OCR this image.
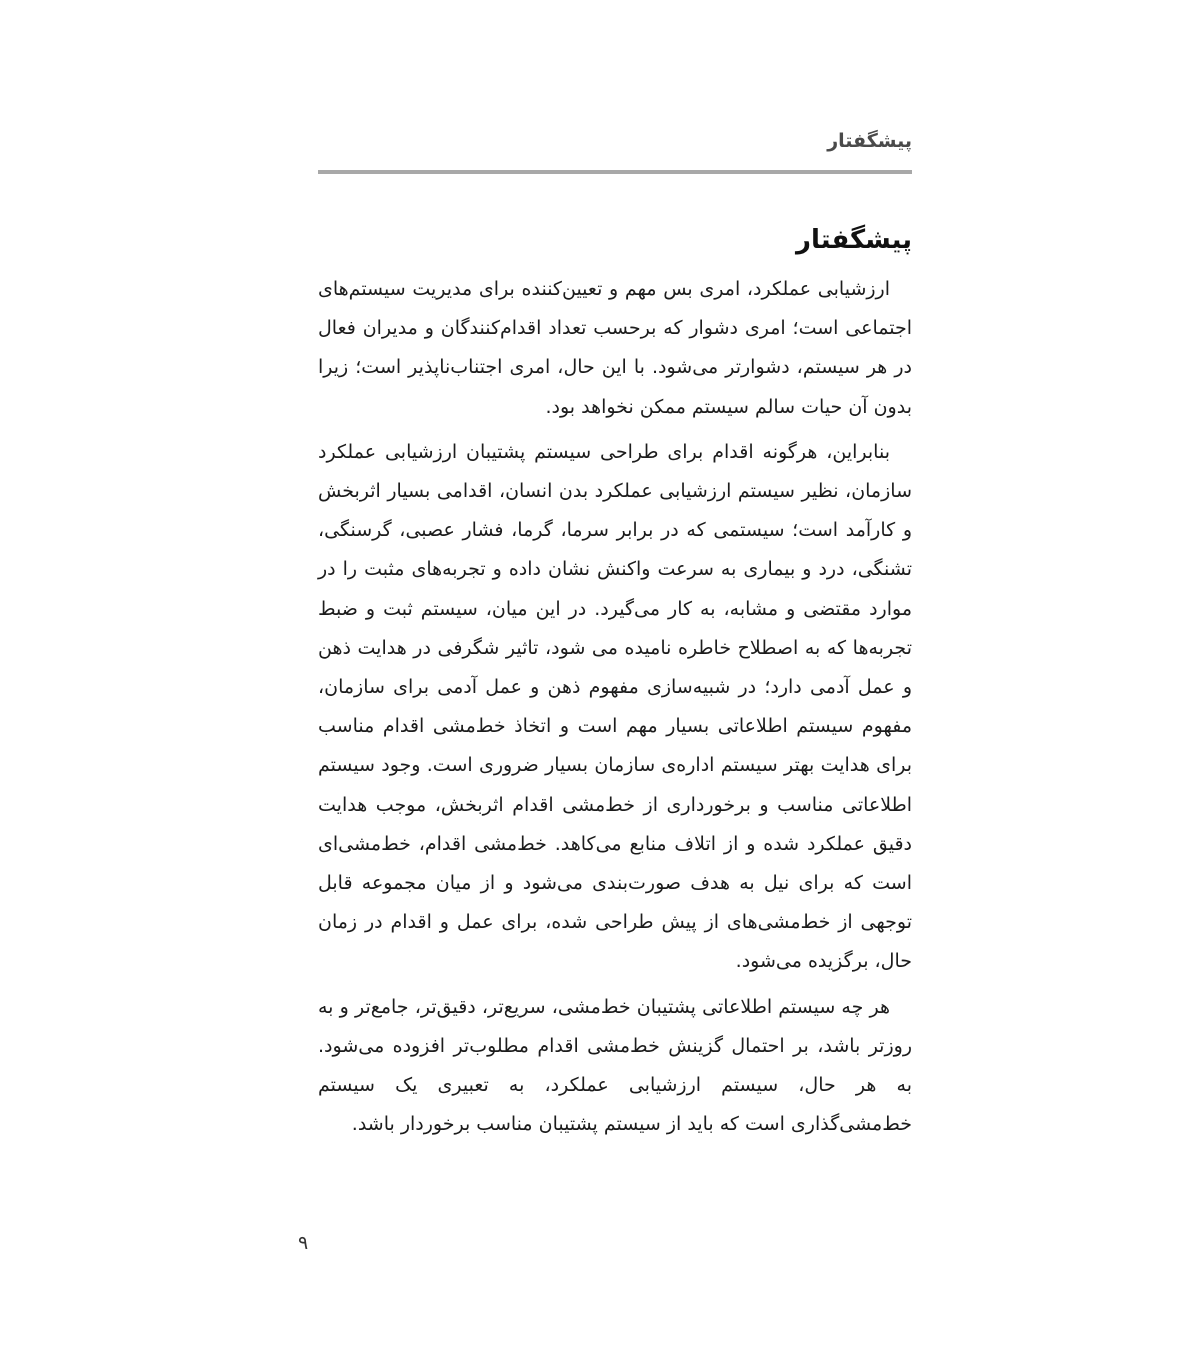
پیشگفتار
پیشگفتار

ارزشیابی عملکرد، امری بس مهم و تعیین‌کننده برای مدیریت سیستم‌های اجتماعی است؛ امری دشوار که برحسب تعداد اقدام‌کنندگان و مدیران فعال در هر سیستم، دشوارتر می‌شود. با این حال، امری اجتناب‌ناپذیر است؛ زیرا بدون آن حیات سالم سیستم ممکن نخواهد بود.

بنابراین، هرگونه اقدام برای طراحی سیستم پشتیبان ارزشیابی عملکرد سازمان، نظیر سیستم ارزشیابی عملکرد بدن انسان، اقدامی بسیار اثربخش و کارآمد است؛ سیستمی که در برابر سرما، گرما، فشار عصبی، گرسنگی، تشنگی، درد و بیماری به سرعت واکنش نشان داده و تجربه‌های مثبت را در موارد مقتضی و مشابه، به کار می‌گیرد. در این میان، سیستم ثبت و ضبط تجربه‌ها که به اصطلاح خاطره نامیده می شود، تاثیر شگرفی در هدایت ذهن و عمل آدمی دارد؛ در شبیه‌سازی مفهوم ذهن و عمل آدمی برای سازمان، مفهوم سیستم اطلاعاتی بسیار مهم است و اتخاذ خط‌مشی اقدام مناسب برای هدایت بهتر سیستم اداره‌ی سازمان بسیار ضروری است. وجود سیستم اطلاعاتی مناسب و برخورداری از خط‌مشی اقدام اثربخش، موجب هدایت دقیق عملکرد شده و از اتلاف منابع می‌کاهد. خط‌مشی اقدام، خط‌مشی‌ای است که برای نیل به هدف صورت‌بندی می‌شود و از میان مجموعه قابل توجهی از خط‌مشی‌های از پیش طراحی شده، برای عمل و اقدام در زمان حال، برگزیده می‌شود.

هر چه سیستم اطلاعاتی پشتیبان خط‌مشی، سریع‌تر، دقیق‌تر، جامع‌تر و به روزتر باشد، بر احتمال گزینش خط‌مشی اقدام مطلوب‌تر افزوده می‌شود. به هر حال، سیستم ارزشیابی عملکرد، به تعبیری یک سیستم خط‌مشی‌گذاری است که باید از سیستم پشتیبان مناسب برخوردار باشد.

۹
